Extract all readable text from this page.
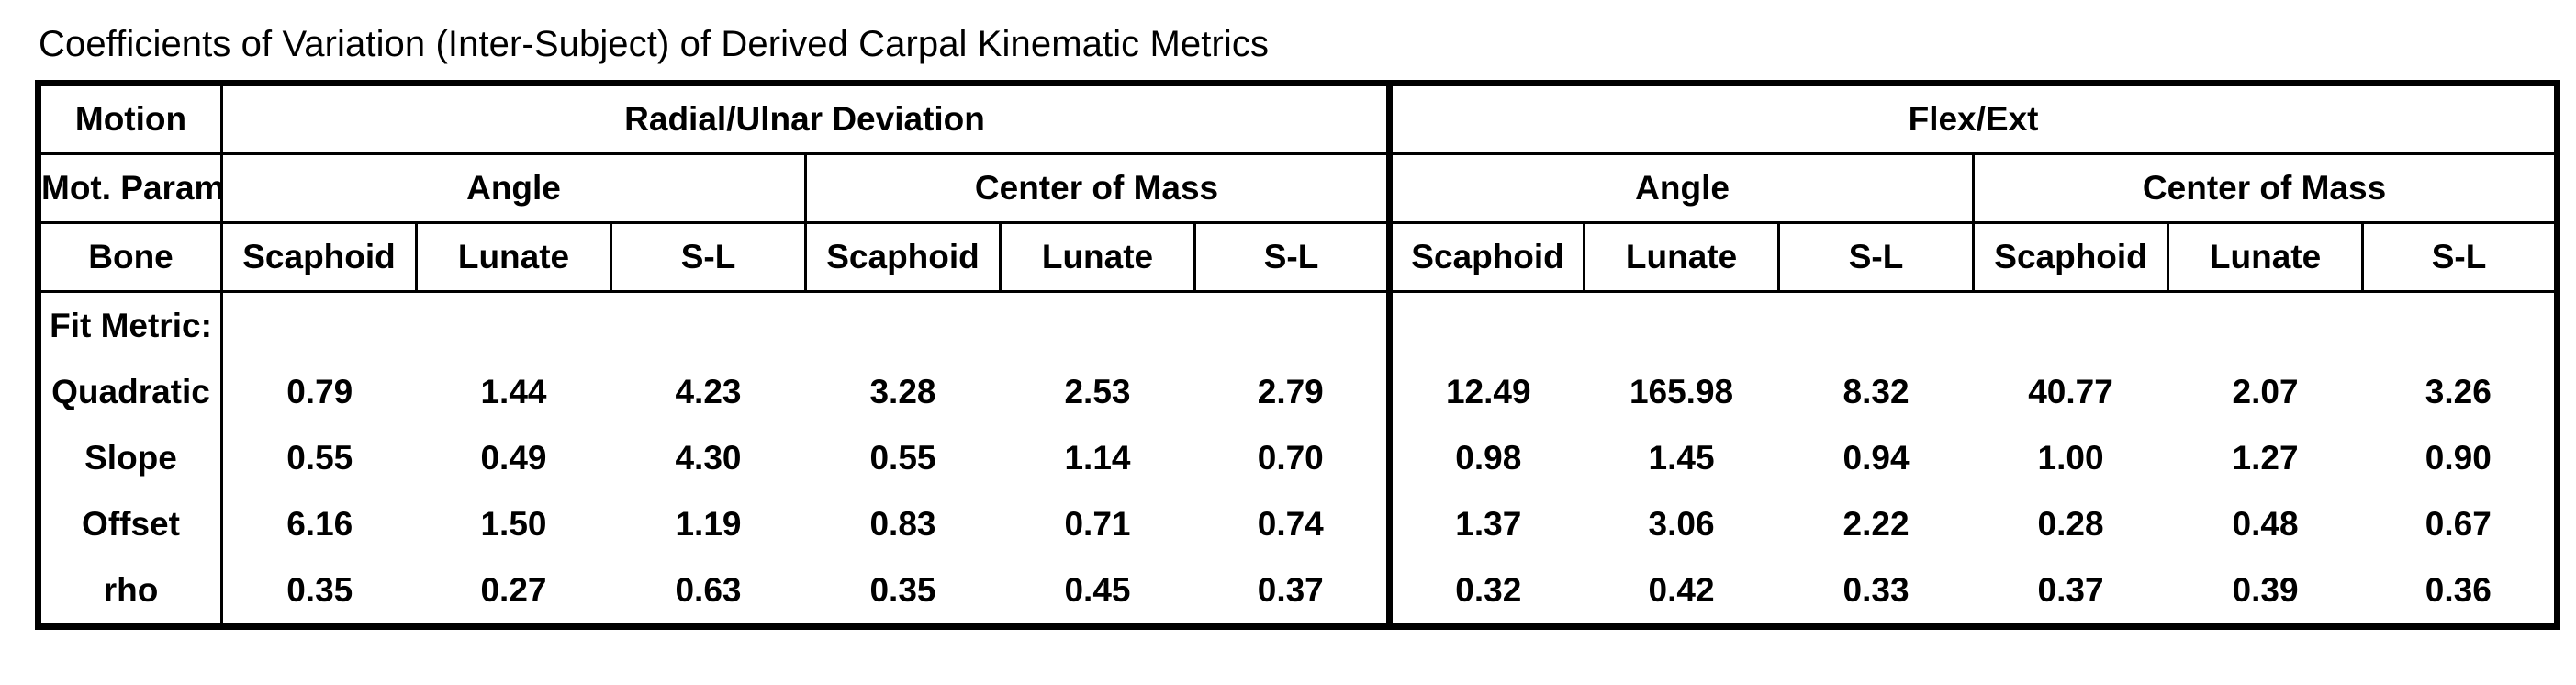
Coefficients of Variation (Inter-Subject) of Derived Carpal Kinematic Metrics
Motion	Radial/Ulnar Deviation						Flex/Ext					
Mot. Param	Angle			Center of Mass			Angle			Center of Mass		
Bone	Scaphoid	Lunate	S-L	Scaphoid	Lunate	S-L	Scaphoid	Lunate	S-L	Scaphoid	Lunate	S-L
Fit Metric:												
Quadratic	0.79	1.44	4.23	3.28	2.53	2.79	12.49	165.98	8.32	40.77	2.07	3.26
Slope	0.55	0.49	4.30	0.55	1.14	0.70	0.98	1.45	0.94	1.00	1.27	0.90
Offset	6.16	1.50	1.19	0.83	0.71	0.74	1.37	3.06	2.22	0.28	0.48	0.67
rho	0.35	0.27	0.63	0.35	0.45	0.37	0.32	0.42	0.33	0.37	0.39	0.36
